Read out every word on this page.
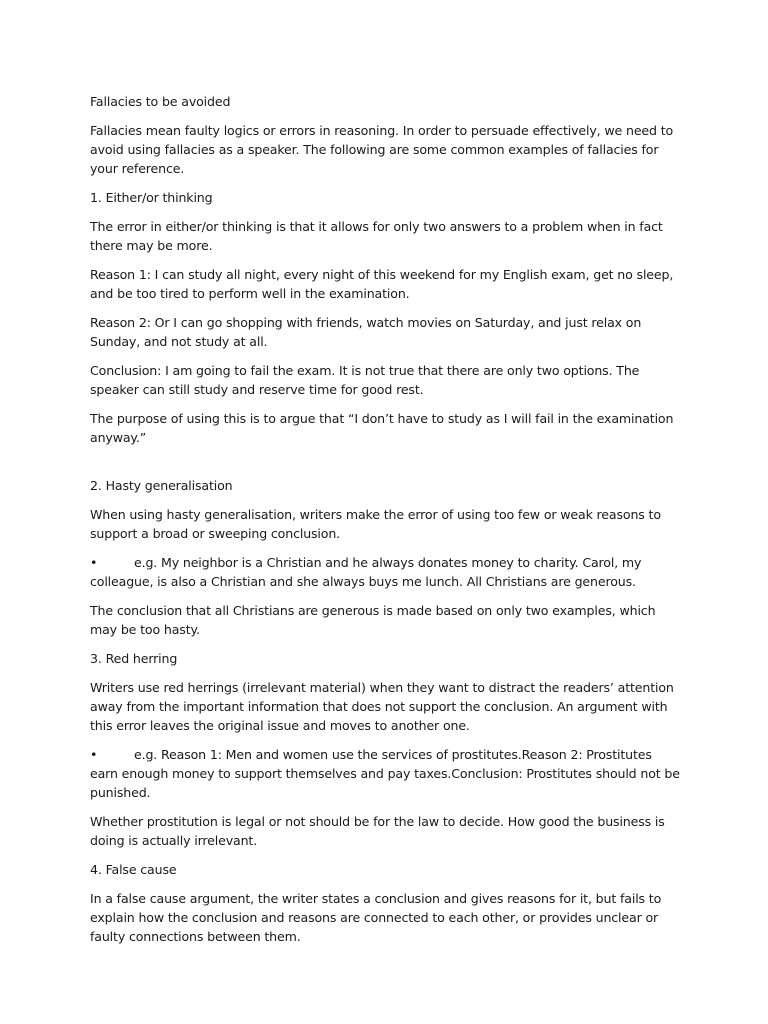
Fallacies to be avoided

Fallacies mean faulty logics or errors in reasoning. In order to persuade effectively, we need to avoid using fallacies as a speaker. The following are some common examples of fallacies for your reference.

1. Either/or thinking

The error in either/or thinking is that it allows for only two answers to a problem when in fact there may be more.

Reason 1: I can study all night, every night of this weekend for my English exam, get no sleep, and be too tired to perform well in the examination.

Reason 2: Or I can go shopping with friends, watch movies on Saturday, and just relax on Sunday, and not study at all.

Conclusion: I am going to fail the exam. It is not true that there are only two options. The speaker can still study and reserve time for good rest.

The purpose of using this is to argue that “I don’t have to study as I will fail in the examination anyway.”

2. Hasty generalisation

When using hasty generalisation, writers make the error of using too few or weak reasons to support a broad or sweeping conclusion.

•	e.g. My neighbor is a Christian and he always donates money to charity. Carol, my colleague, is also a Christian and she always buys me lunch. All Christians are generous.

The conclusion that all Christians are generous is made based on only two examples, which may be too hasty.

3. Red herring

Writers use red herrings (irrelevant material) when they want to distract the readers’ attention away from the important information that does not support the conclusion. An argument with this error leaves the original issue and moves to another one.

•	e.g. Reason 1: Men and women use the services of prostitutes.Reason 2: Prostitutes earn enough money to support themselves and pay taxes.Conclusion: Prostitutes should not be punished.

Whether prostitution is legal or not should be for the law to decide. How good the business is doing is actually irrelevant.

4. False cause

In a false cause argument, the writer states a conclusion and gives reasons for it, but fails to explain how the conclusion and reasons are connected to each other, or provides unclear or faulty connections between them.
